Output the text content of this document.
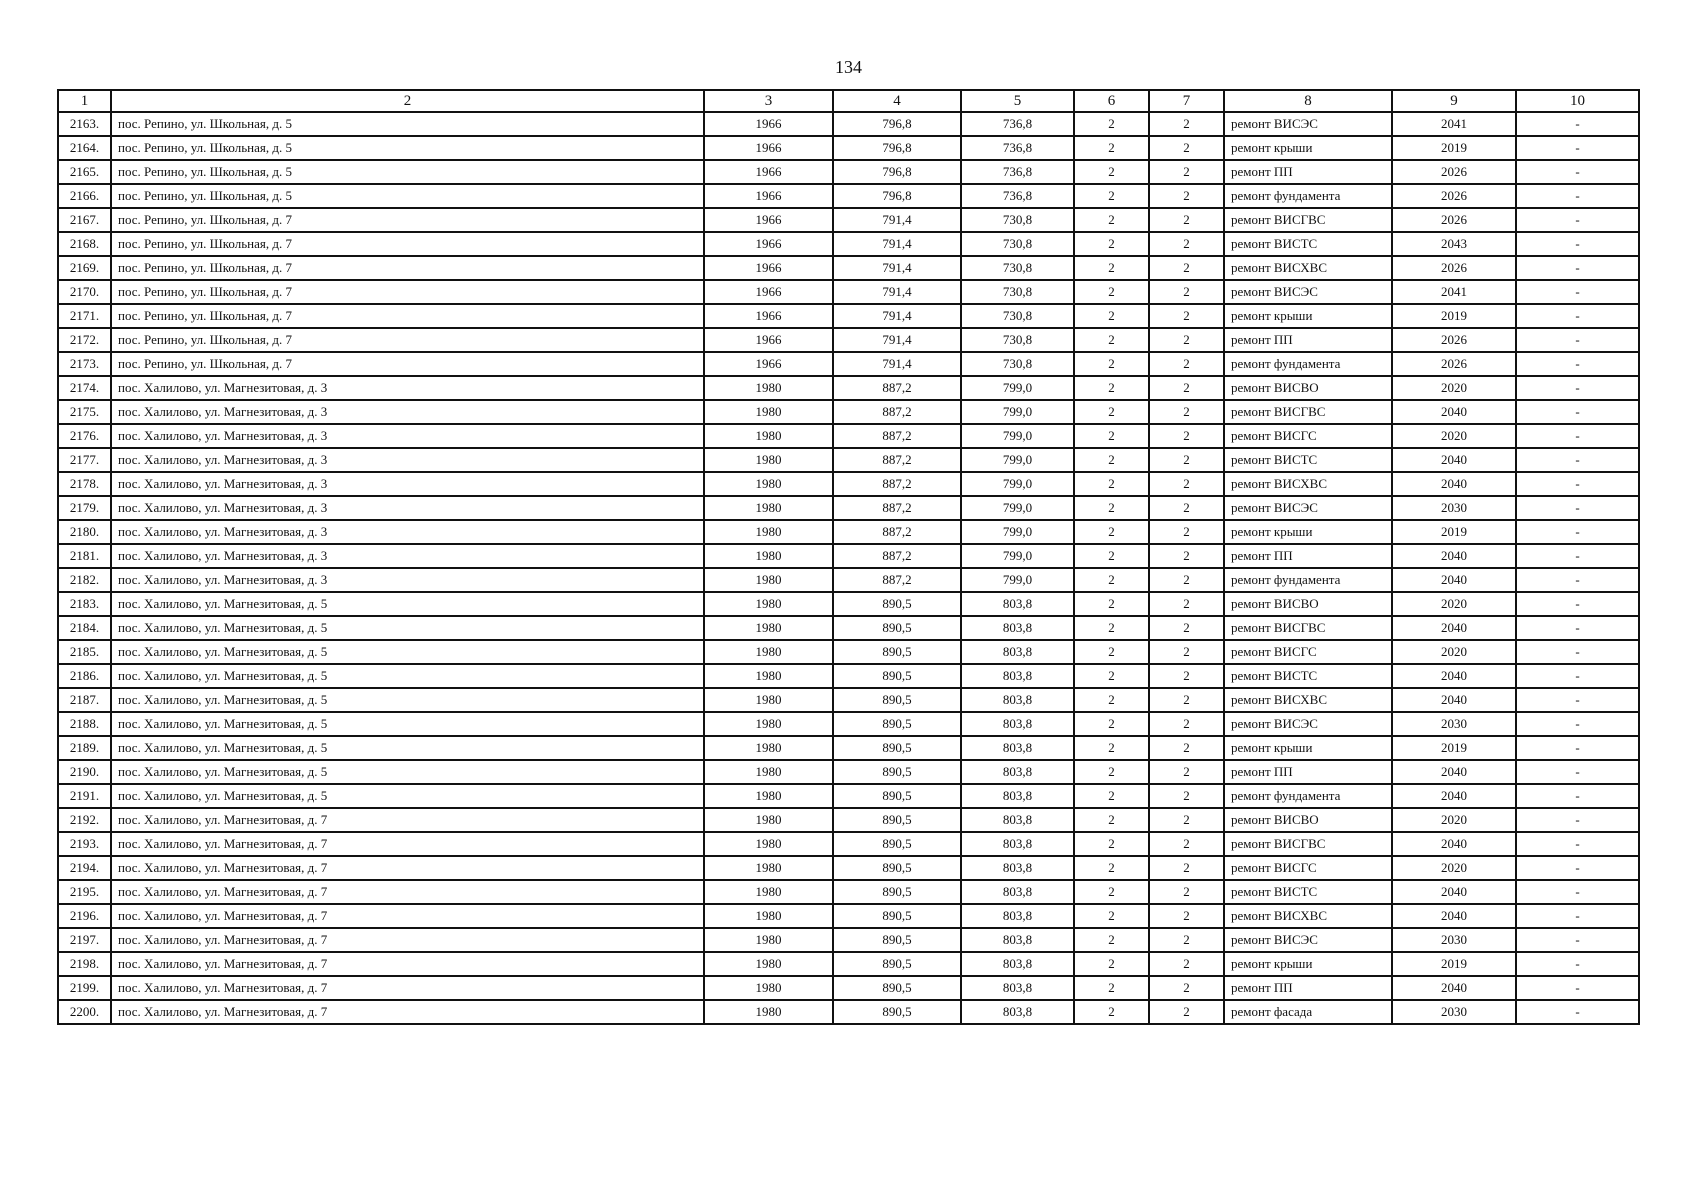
134
1	2	3	4	5	6	7	8	9	10
2163.	пос. Репино, ул. Школьная, д. 5	1966	796,8	736,8	2	2	ремонт ВИСЭС	2041	-
2164.	пос. Репино, ул. Школьная, д. 5	1966	796,8	736,8	2	2	ремонт крыши	2019	-
2165.	пос. Репино, ул. Школьная, д. 5	1966	796,8	736,8	2	2	ремонт ПП	2026	-
2166.	пос. Репино, ул. Школьная, д. 5	1966	796,8	736,8	2	2	ремонт фундамента	2026	-
2167.	пос. Репино, ул. Школьная, д. 7	1966	791,4	730,8	2	2	ремонт ВИСГВС	2026	-
2168.	пос. Репино, ул. Школьная, д. 7	1966	791,4	730,8	2	2	ремонт ВИСТС	2043	-
2169.	пос. Репино, ул. Школьная, д. 7	1966	791,4	730,8	2	2	ремонт ВИСХВС	2026	-
2170.	пос. Репино, ул. Школьная, д. 7	1966	791,4	730,8	2	2	ремонт ВИСЭС	2041	-
2171.	пос. Репино, ул. Школьная, д. 7	1966	791,4	730,8	2	2	ремонт крыши	2019	-
2172.	пос. Репино, ул. Школьная, д. 7	1966	791,4	730,8	2	2	ремонт ПП	2026	-
2173.	пос. Репино, ул. Школьная, д. 7	1966	791,4	730,8	2	2	ремонт фундамента	2026	-
2174.	пос. Халилово, ул. Магнезитовая, д. 3	1980	887,2	799,0	2	2	ремонт ВИСВО	2020	-
2175.	пос. Халилово, ул. Магнезитовая, д. 3	1980	887,2	799,0	2	2	ремонт ВИСГВС	2040	-
2176.	пос. Халилово, ул. Магнезитовая, д. 3	1980	887,2	799,0	2	2	ремонт ВИСГС	2020	-
2177.	пос. Халилово, ул. Магнезитовая, д. 3	1980	887,2	799,0	2	2	ремонт ВИСТС	2040	-
2178.	пос. Халилово, ул. Магнезитовая, д. 3	1980	887,2	799,0	2	2	ремонт ВИСХВС	2040	-
2179.	пос. Халилово, ул. Магнезитовая, д. 3	1980	887,2	799,0	2	2	ремонт ВИСЭС	2030	-
2180.	пос. Халилово, ул. Магнезитовая, д. 3	1980	887,2	799,0	2	2	ремонт крыши	2019	-
2181.	пос. Халилово, ул. Магнезитовая, д. 3	1980	887,2	799,0	2	2	ремонт ПП	2040	-
2182.	пос. Халилово, ул. Магнезитовая, д. 3	1980	887,2	799,0	2	2	ремонт фундамента	2040	-
2183.	пос. Халилово, ул. Магнезитовая, д. 5	1980	890,5	803,8	2	2	ремонт ВИСВО	2020	-
2184.	пос. Халилово, ул. Магнезитовая, д. 5	1980	890,5	803,8	2	2	ремонт ВИСГВС	2040	-
2185.	пос. Халилово, ул. Магнезитовая, д. 5	1980	890,5	803,8	2	2	ремонт ВИСГС	2020	-
2186.	пос. Халилово, ул. Магнезитовая, д. 5	1980	890,5	803,8	2	2	ремонт ВИСТС	2040	-
2187.	пос. Халилово, ул. Магнезитовая, д. 5	1980	890,5	803,8	2	2	ремонт ВИСХВС	2040	-
2188.	пос. Халилово, ул. Магнезитовая, д. 5	1980	890,5	803,8	2	2	ремонт ВИСЭС	2030	-
2189.	пос. Халилово, ул. Магнезитовая, д. 5	1980	890,5	803,8	2	2	ремонт крыши	2019	-
2190.	пос. Халилово, ул. Магнезитовая, д. 5	1980	890,5	803,8	2	2	ремонт ПП	2040	-
2191.	пос. Халилово, ул. Магнезитовая, д. 5	1980	890,5	803,8	2	2	ремонт фундамента	2040	-
2192.	пос. Халилово, ул. Магнезитовая, д. 7	1980	890,5	803,8	2	2	ремонт ВИСВО	2020	-
2193.	пос. Халилово, ул. Магнезитовая, д. 7	1980	890,5	803,8	2	2	ремонт ВИСГВС	2040	-
2194.	пос. Халилово, ул. Магнезитовая, д. 7	1980	890,5	803,8	2	2	ремонт ВИСГС	2020	-
2195.	пос. Халилово, ул. Магнезитовая, д. 7	1980	890,5	803,8	2	2	ремонт ВИСТС	2040	-
2196.	пос. Халилово, ул. Магнезитовая, д. 7	1980	890,5	803,8	2	2	ремонт ВИСХВС	2040	-
2197.	пос. Халилово, ул. Магнезитовая, д. 7	1980	890,5	803,8	2	2	ремонт ВИСЭС	2030	-
2198.	пос. Халилово, ул. Магнезитовая, д. 7	1980	890,5	803,8	2	2	ремонт крыши	2019	-
2199.	пос. Халилово, ул. Магнезитовая, д. 7	1980	890,5	803,8	2	2	ремонт ПП	2040	-
2200.	пос. Халилово, ул. Магнезитовая, д. 7	1980	890,5	803,8	2	2	ремонт фасада	2030	-
